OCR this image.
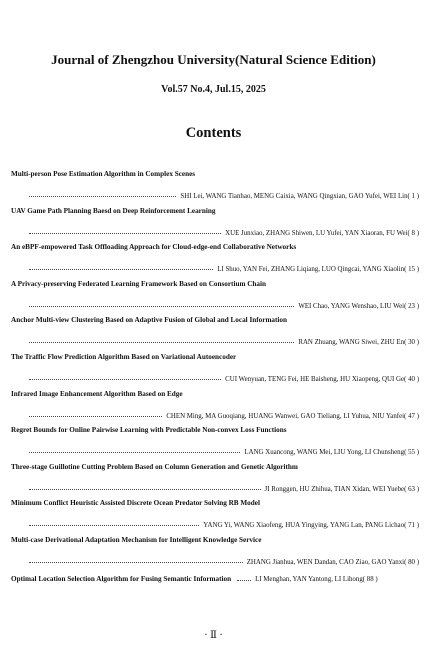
Journal of Zhengzhou University(Natural Science Edition)
Vol.57 No.4, Jul.15, 2025
Contents
Multi-person Pose Estimation Algorithm in Complex Scenes
SHI Lei, WANG Tianhao, MENG Caixia, WANG Qingxian, GAO Yufei, WEI Lin( 1 )
UAV Game Path Planning Baesd on Deep Reinforcement Learning
XUE Junxiao, ZHANG Shiwen, LU Yufei, YAN Xiaoran, FU Wei( 8 )
An eBPF-empowered Task Offloading Approach for Cloud-edge-end Collaborative Networks
LI Shuo, YAN Fei, ZHANG Liqiang, LUO Qingcai, YANG Xiaolin( 15 )
A Privacy-preserving Federated Learning Framework Based on Consortium Chain
WEI Chao, YANG Wenshao, LIU Wei( 23 )
Anchor Multi-view Clustering Based on Adaptive Fusion of Global and Local Information
RAN Zhuang, WANG Siwei, ZHU En( 30 )
The Traffic Flow Prediction Algorithm Based on Variational Autoencoder
CUI Wenyuan, TENG Fei, HE Baisheng, HU Xiaopeng, QUI Ge( 40 )
Infrared Image Enhancement Algorithm Based on Edge
CHEN Ming, MA Guoqiang, HUANG Wanwei, GAO Tieliang, LI Yuhua, NIU Yanfei( 47 )
Regret Bounds for Online Pairwise Learning with Predictable Non-convex Loss Functions
LANG Xuancong, WANG Mei, LIU Yong, LI Chunsheng( 55 )
Three-stage Guillotine Cutting Problem Based on Column Generation and Genetic Algorithm
JI Ronggen, HU Zhihua, TIAN Xidan, WEI Yuebe( 63 )
Minimum Conflict Heuristic Assisted Discrete Ocean Predator Solving RB Model
YANG Yi, WANG Xiaofeng, HUA Yingying, YANG Lan, PANG Lichao( 71 )
Multi-case Derivational Adaptation Mechanism for Intelligent Knowledge Service
ZHANG Jianhua, WEN Dandan, CAO Ziao, GAO Yanxi( 80 )
Optimal Location Selection Algorithm for Fusing Semantic Information	LI Menghan, YAN Yantong, LI Lihong( 88 )
· Ⅱ ·
